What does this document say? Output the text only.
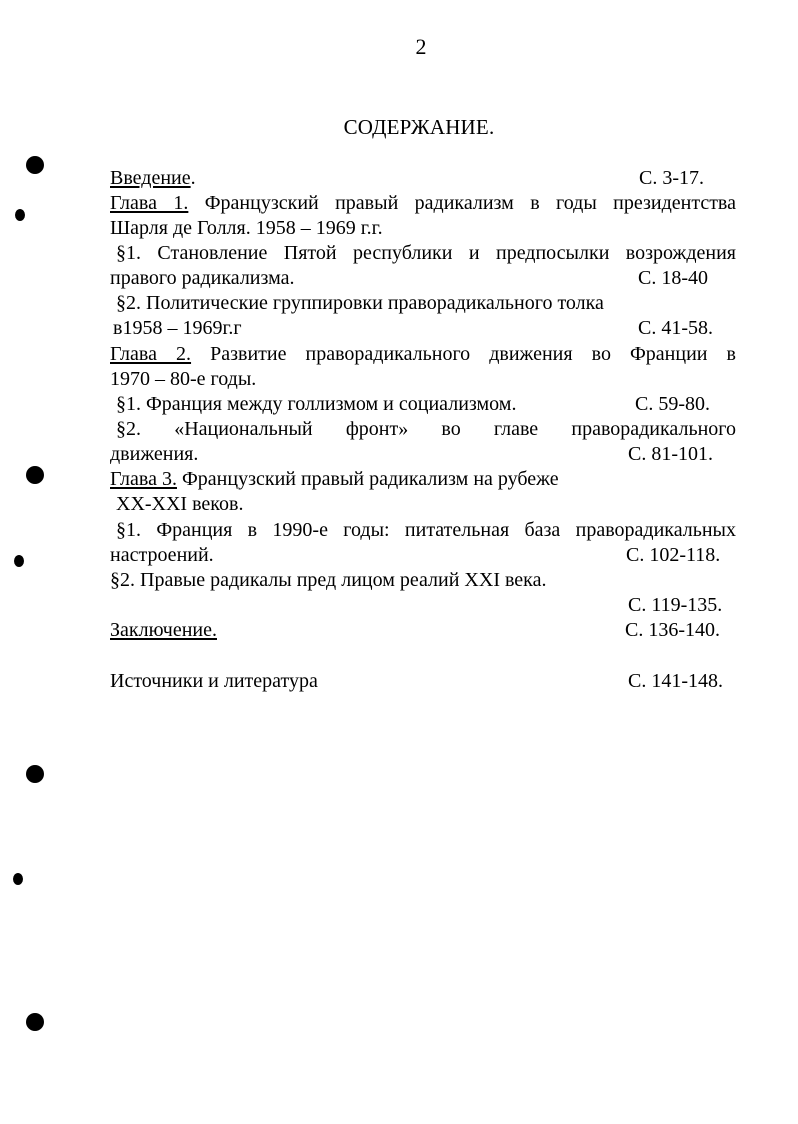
2
СОДЕРЖАНИЕ.
Введение.	С. 3-17.
Глава 1. Французский правый радикализм в годы президентства
Шарля де Голля. 1958 – 1969 г.г.
§1. Становление Пятой республики и предпосылки возрождения
правого радикализма.	С. 18-40
§2. Политические группировки праворадикального толка
в1958 – 1969г.г	С. 41-58.
Глава 2. Развитие праворадикального движения во Франции в
1970 – 80-е годы.
§1. Франция между голлизмом и социализмом.	С. 59-80.
§2. «Национальный фронт» во главе праворадикального
движения.	С. 81-101.
Глава 3. Французский правый радикализм на рубеже
XX-XXI веков.
§1. Франция в 1990-е годы: питательная база праворадикальных
настроений.	С. 102-118.
§2. Правые радикалы пред лицом реалий XXI века.
С. 119-135.
Заключение.	С. 136-140.
Источники и литература	С. 141-148.
